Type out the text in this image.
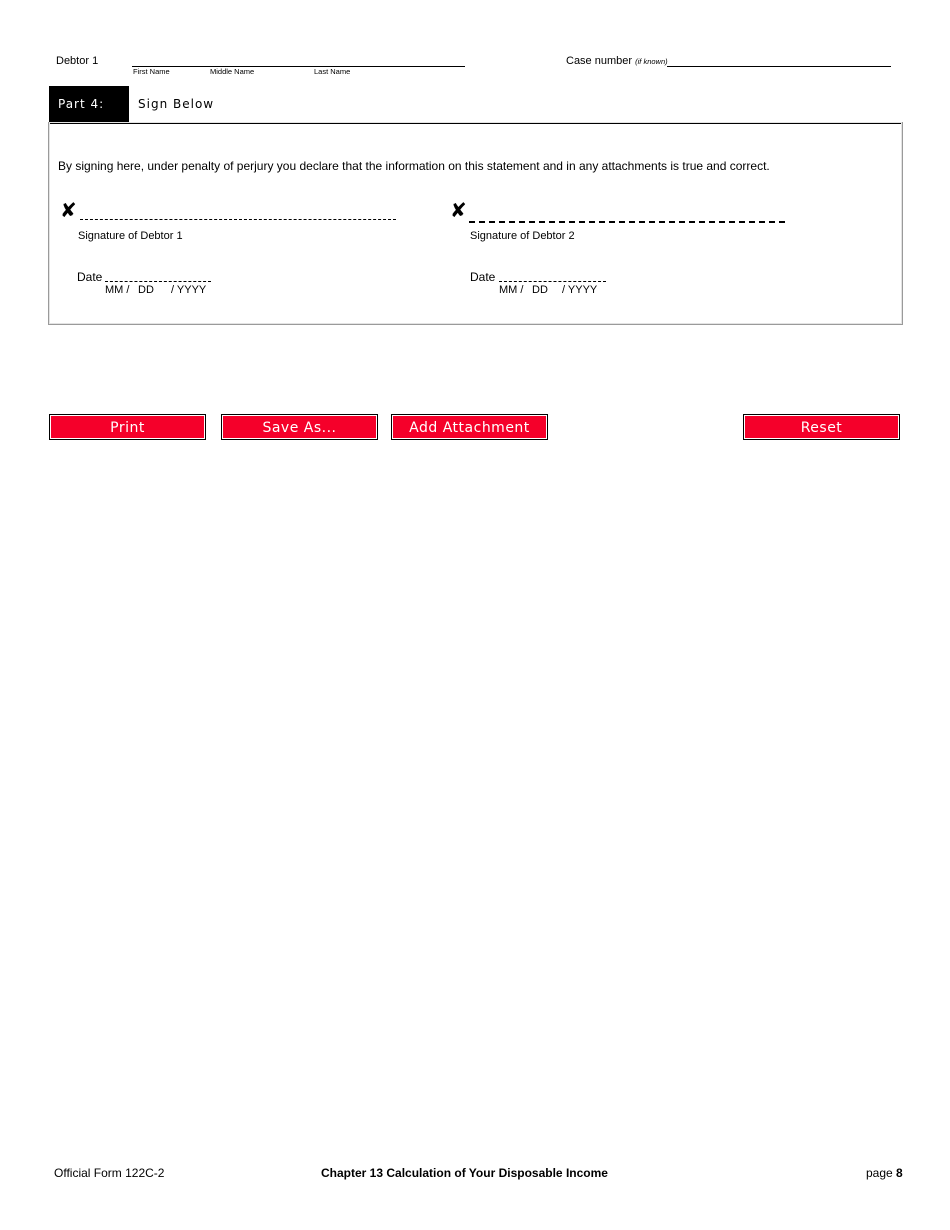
Debtor 1
First Name	Middle Name	Last Name
Case number (if known)
Part 4:	Sign Below
By signing here, under penalty of perjury you declare that the information on this statement and in any attachments is true and correct.
✘
Signature of Debtor 1
Date
MM / DD / YYYY
✘
Signature of Debtor 2
Date
MM / DD / YYYY
Print	Save As...	Add Attachment	Reset
Official Form 122C-2	Chapter 13 Calculation of Your Disposable Income	page 8
